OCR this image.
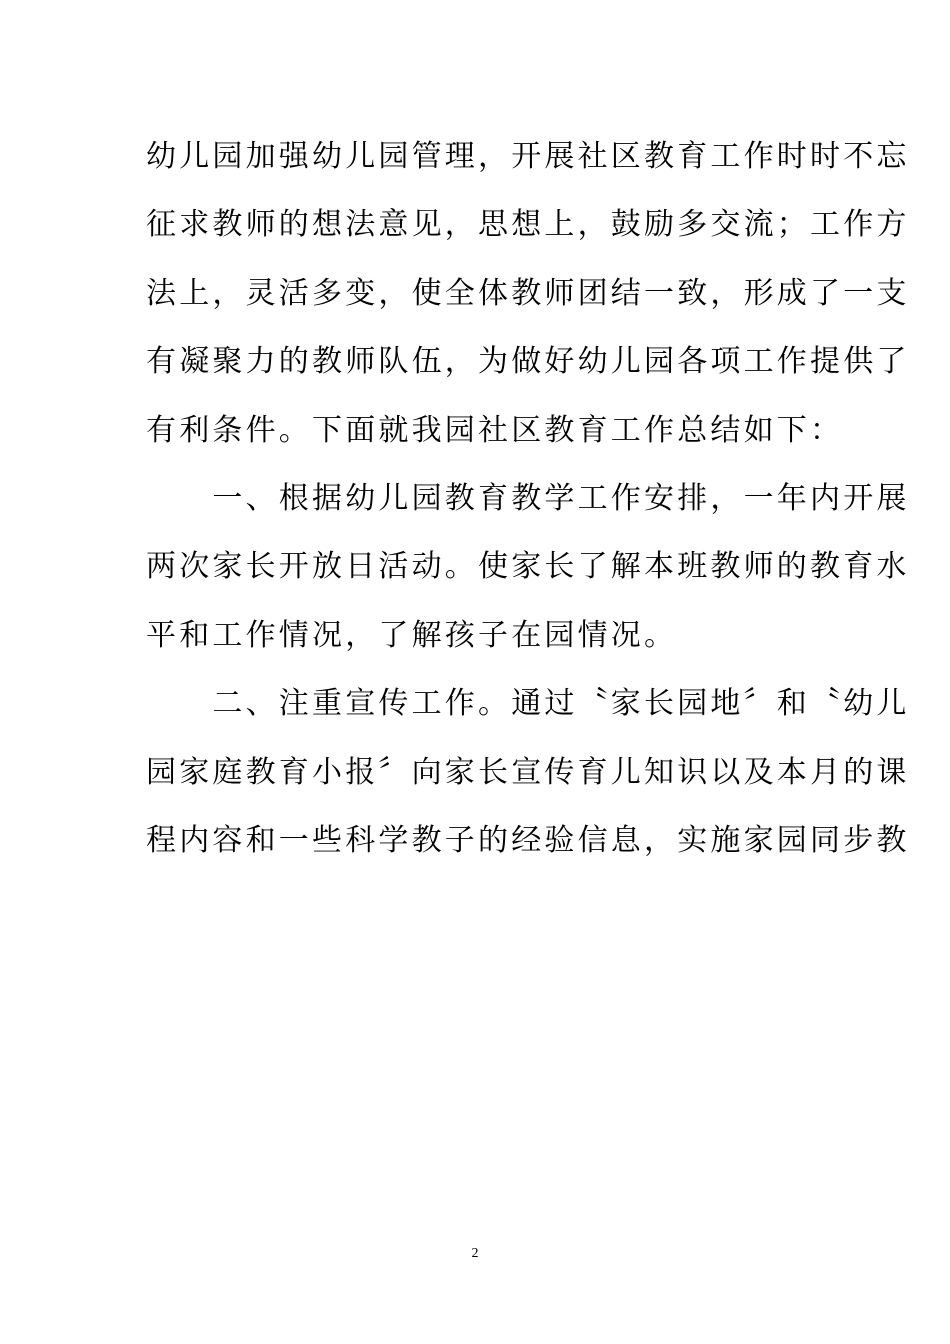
幼儿园加强幼儿园管理，开展社区教育工作时时不忘
征求教师的想法意见，思想上，鼓励多交流；工作方
法上，灵活多变，使全体教师团结一致，形成了一支
有凝聚力的教师队伍，为做好幼儿园各项工作提供了
有利条件。下面就我园社区教育工作总结如下：
　　一、根据幼儿园教育教学工作安排，一年内开展
两次家长开放日活动。使家长了解本班教师的教育水
平和工作情况，了解孩子在园情况。
　　二、注重宣传工作。通过〝家长园地〞和〝幼儿
园家庭教育小报〞向家长宣传育儿知识以及本月的课
程内容和一些科学教子的经验信息，实施家园同步教
2
